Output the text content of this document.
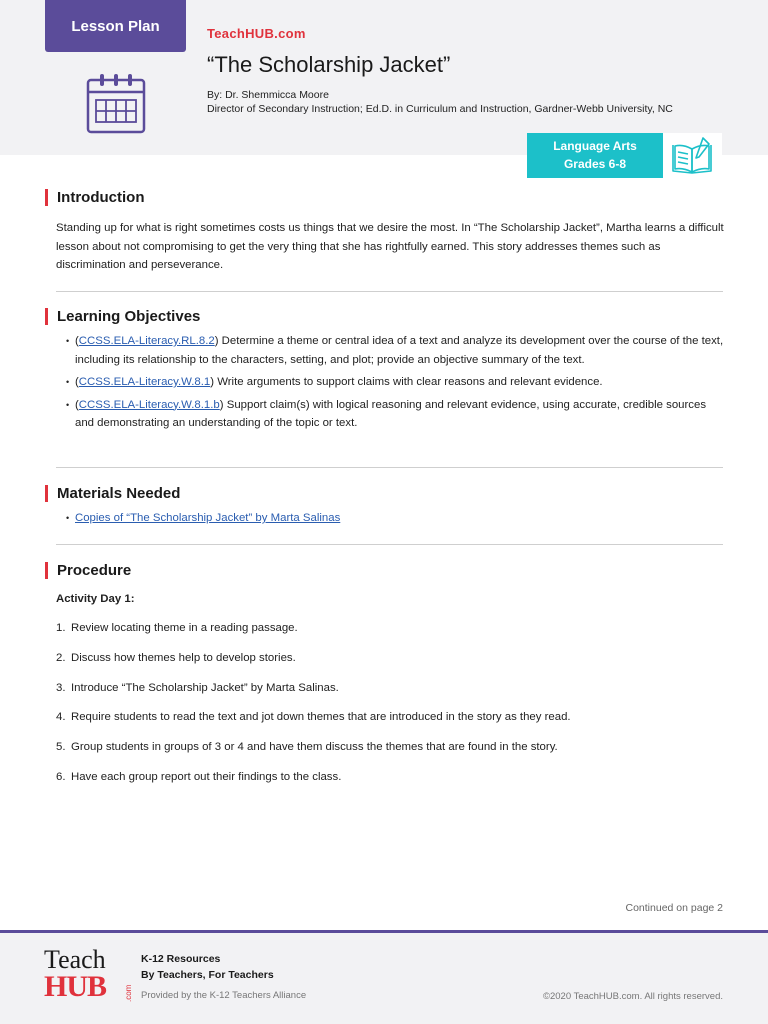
Lesson Plan	TeachHUB.com
“The Scholarship Jacket”
By: Dr. Shemmicca Moore
Director of Secondary Instruction; Ed.D. in Curriculum and Instruction, Gardner-Webb University, NC
Language Arts
Grades 6-8
Introduction
Standing up for what is right sometimes costs us things that we desire the most. In “The Scholarship Jacket”, Martha learns a difficult lesson about not compromising to get the very thing that she has rightfully earned. This story addresses themes such as discrimination and perseverance.
Learning Objectives
• (CCSS.ELA-Literacy.RL.8.2) Determine a theme or central idea of a text and analyze its development over the course of the text, including its relationship to the characters, setting, and plot; provide an objective summary of the text.
• (CCSS.ELA-Literacy.W.8.1) Write arguments to support claims with clear reasons and relevant evidence.
• (CCSS.ELA-Literacy.W.8.1.b) Support claim(s) with logical reasoning and relevant evidence, using accurate, credible sources and demonstrating an understanding of the topic or text.
Materials Needed
• Copies of “The Scholarship Jacket” by Marta Salinas
Procedure
Activity Day 1:
1. Review locating theme in a reading passage.
2. Discuss how themes help to develop stories.
3. Introduce “The Scholarship Jacket” by Marta Salinas.
4. Require students to read the text and jot down themes that are introduced in the story as they read.
5. Group students in groups of 3 or 4 and have them discuss the themes that are found in the story.
6. Have each group report out their findings to the class.
Continued on page 2
Teach
HUB .com
K-12 Resources
By Teachers, For Teachers
Provided by the K-12 Teachers Alliance	©2020 TeachHUB.com. All rights reserved.
